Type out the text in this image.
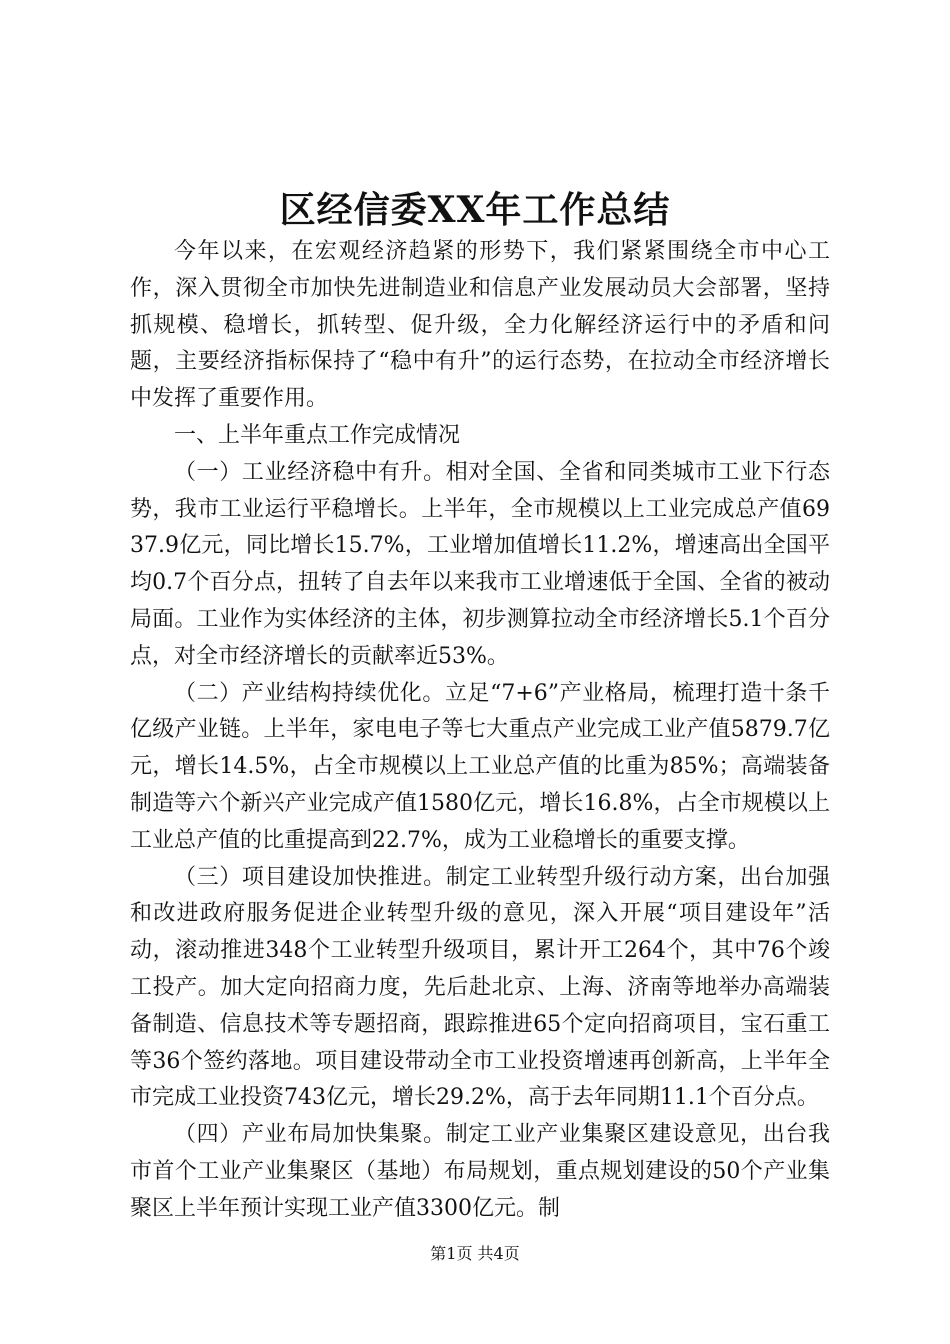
区经信委XX年工作总结

今年以来，在宏观经济趋紧的形势下，我们紧紧围绕全市中心工作，深入贯彻全市加快先进制造业和信息产业发展动员大会部署，坚持抓规模、稳增长，抓转型、促升级，全力化解经济运行中的矛盾和问题，主要经济指标保持了“稳中有升”的运行态势，在拉动全市经济增长中发挥了重要作用。

一、上半年重点工作完成情况

（一）工业经济稳中有升。相对全国、全省和同类城市工业下行态势，我市工业运行平稳增长。上半年，全市规模以上工业完成总产值6937.9亿元，同比增长15.7%，工业增加值增长11.2%，增速高出全国平均0.7个百分点，扭转了自去年以来我市工业增速低于全国、全省的被动局面。工业作为实体经济的主体，初步测算拉动全市经济增长5.1个百分点，对全市经济增长的贡献率近53%。

（二）产业结构持续优化。立足“7+6”产业格局，梳理打造十条千亿级产业链。上半年，家电电子等七大重点产业完成工业产值5879.7亿元，增长14.5%，占全市规模以上工业总产值的比重为85%；高端装备制造等六个新兴产业完成产值1580亿元，增长16.8%，占全市规模以上工业总产值的比重提高到22.7%，成为工业稳增长的重要支撑。

（三）项目建设加快推进。制定工业转型升级行动方案，出台加强和改进政府服务促进企业转型升级的意见，深入开展“项目建设年”活动，滚动推进348个工业转型升级项目，累计开工264个，其中76个竣工投产。加大定向招商力度，先后赴北京、上海、济南等地举办高端装备制造、信息技术等专题招商，跟踪推进65个定向招商项目，宝石重工等36个签约落地。项目建设带动全市工业投资增速再创新高，上半年全市完成工业投资743亿元，增长29.2%，高于去年同期11.1个百分点。

（四）产业布局加快集聚。制定工业产业集聚区建设意见，出台我市首个工业产业集聚区（基地）布局规划，重点规划建设的50个产业集聚区上半年预计实现工业产值3300亿元。制

第1页 共4页
